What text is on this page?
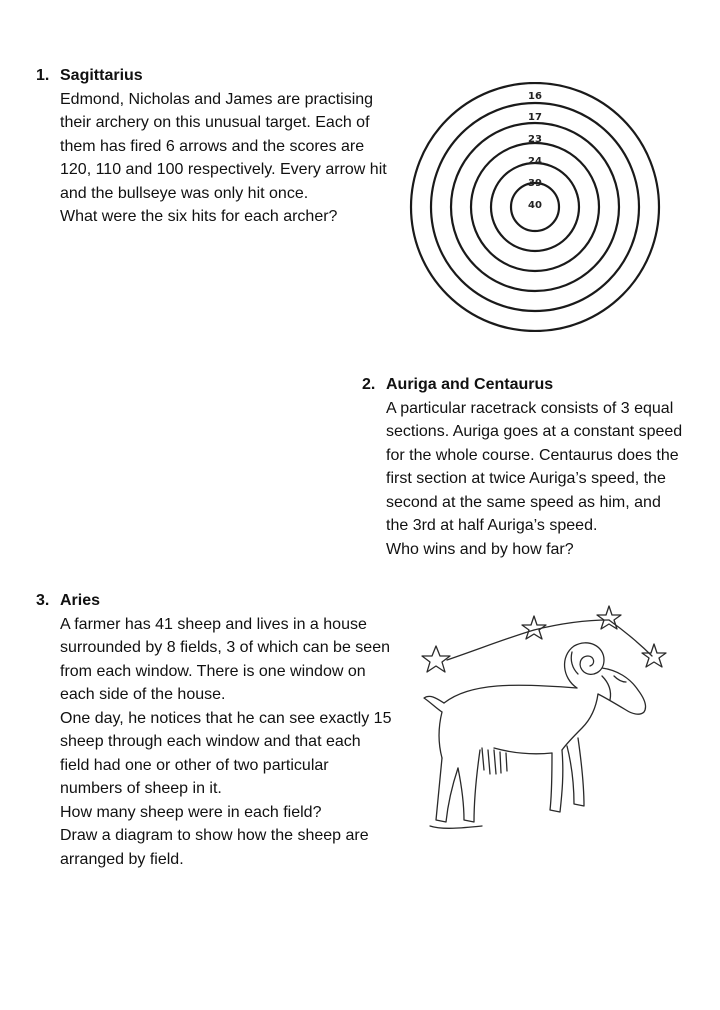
1. Sagittarius
Edmond, Nicholas and James are practising
their archery on this unusual target. Each of
them has fired 6 arrows and the scores are
120, 110 and 100 respectively. Every arrow hit
and the bullseye was only hit once.
What were the six hits for each archer?
16
17
23
24
39
40
2. Auriga and Centaurus
A particular racetrack consists of 3 equal
sections. Auriga goes at a constant speed
for the whole course. Centaurus does the
first section at twice Auriga’s speed, the
second at the same speed as him, and
the 3rd at half Auriga’s speed.
Who wins and by how far?
3. Aries
A farmer has 41 sheep and lives in a house
surrounded by 8 fields, 3 of which can be seen
from each window. There is one window on
each side of the house.
One day, he notices that he can see exactly 15
sheep through each window and that each
field had one or other of two particular
numbers of sheep in it.
How many sheep were in each field?
Draw a diagram to show how the sheep are
arranged by field.
